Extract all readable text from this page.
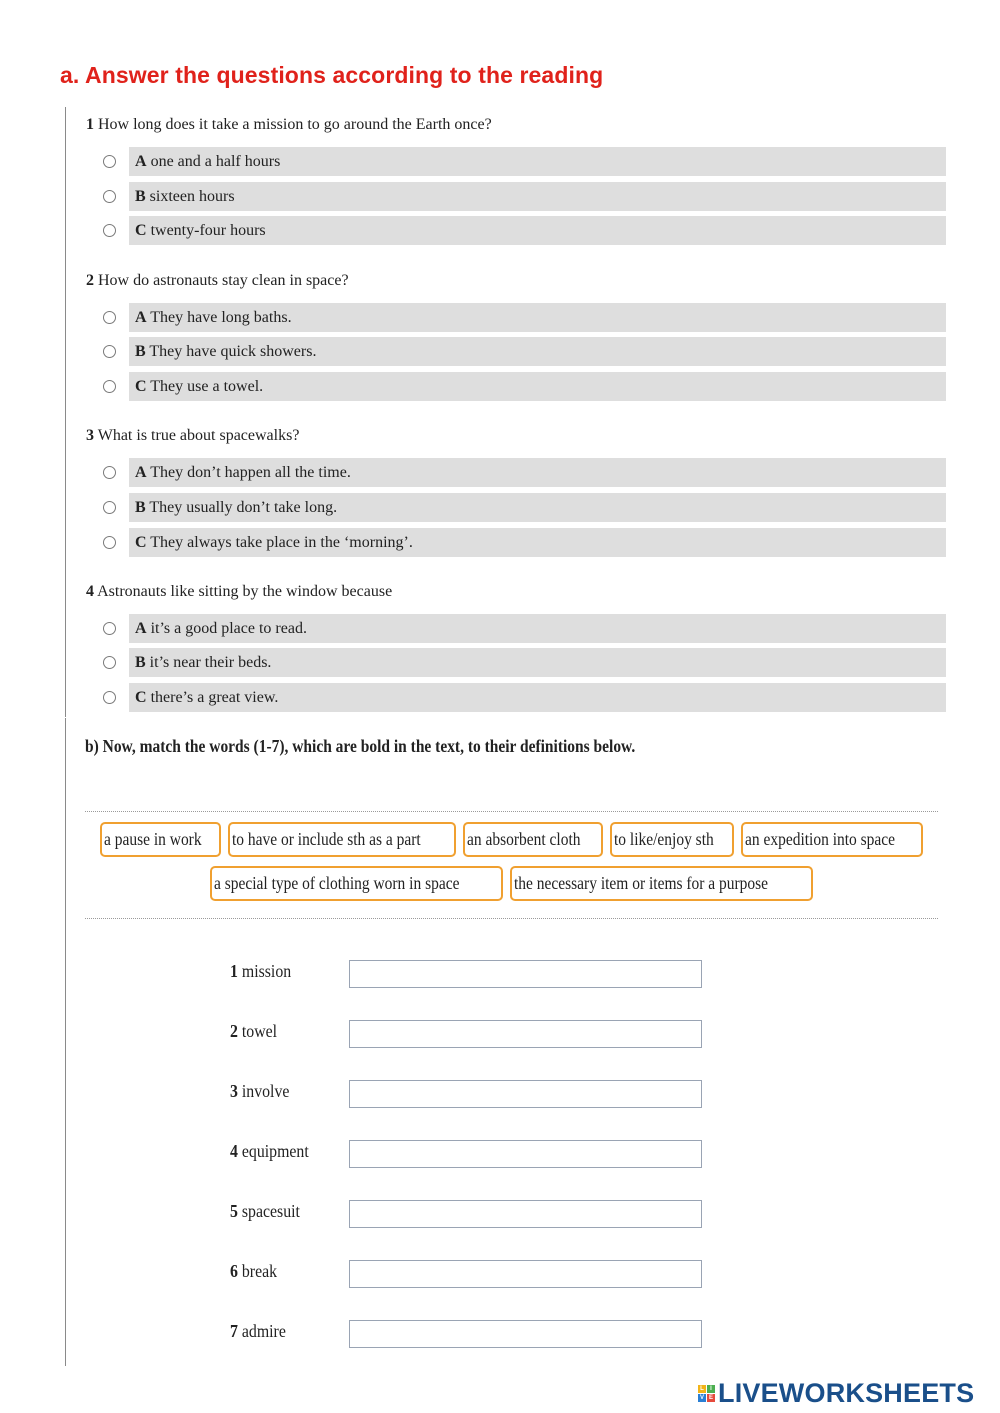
a. Answer the questions according to the reading
1 How long does it take a mission to go around the Earth once?
A one and a half hours
B sixteen hours
C twenty-four hours
2 How do astronauts stay clean in space?
A They have long baths.
B They have quick showers.
C They use a towel.
3 What is true about spacewalks?
A They don’t happen all the time.
B They usually don’t take long.
C They always take place in the ‘morning’.
4 Astronauts like sitting by the window because
A it’s a good place to read.
B it’s near their beds.
C there’s a great view.
b) Now, match the words (1-7), which are bold in the text, to their definitions below.
a pause in work	to have or include sth as a part	an absorbent cloth	to like/enjoy sth	an expedition into space
a special type of clothing worn in space	the necessary item or items for a purpose
1 mission
2 towel
3 involve
4 equipment
5 spacesuit
6 break
7 admire
L	I
V E LIVEWORKSHEETS
